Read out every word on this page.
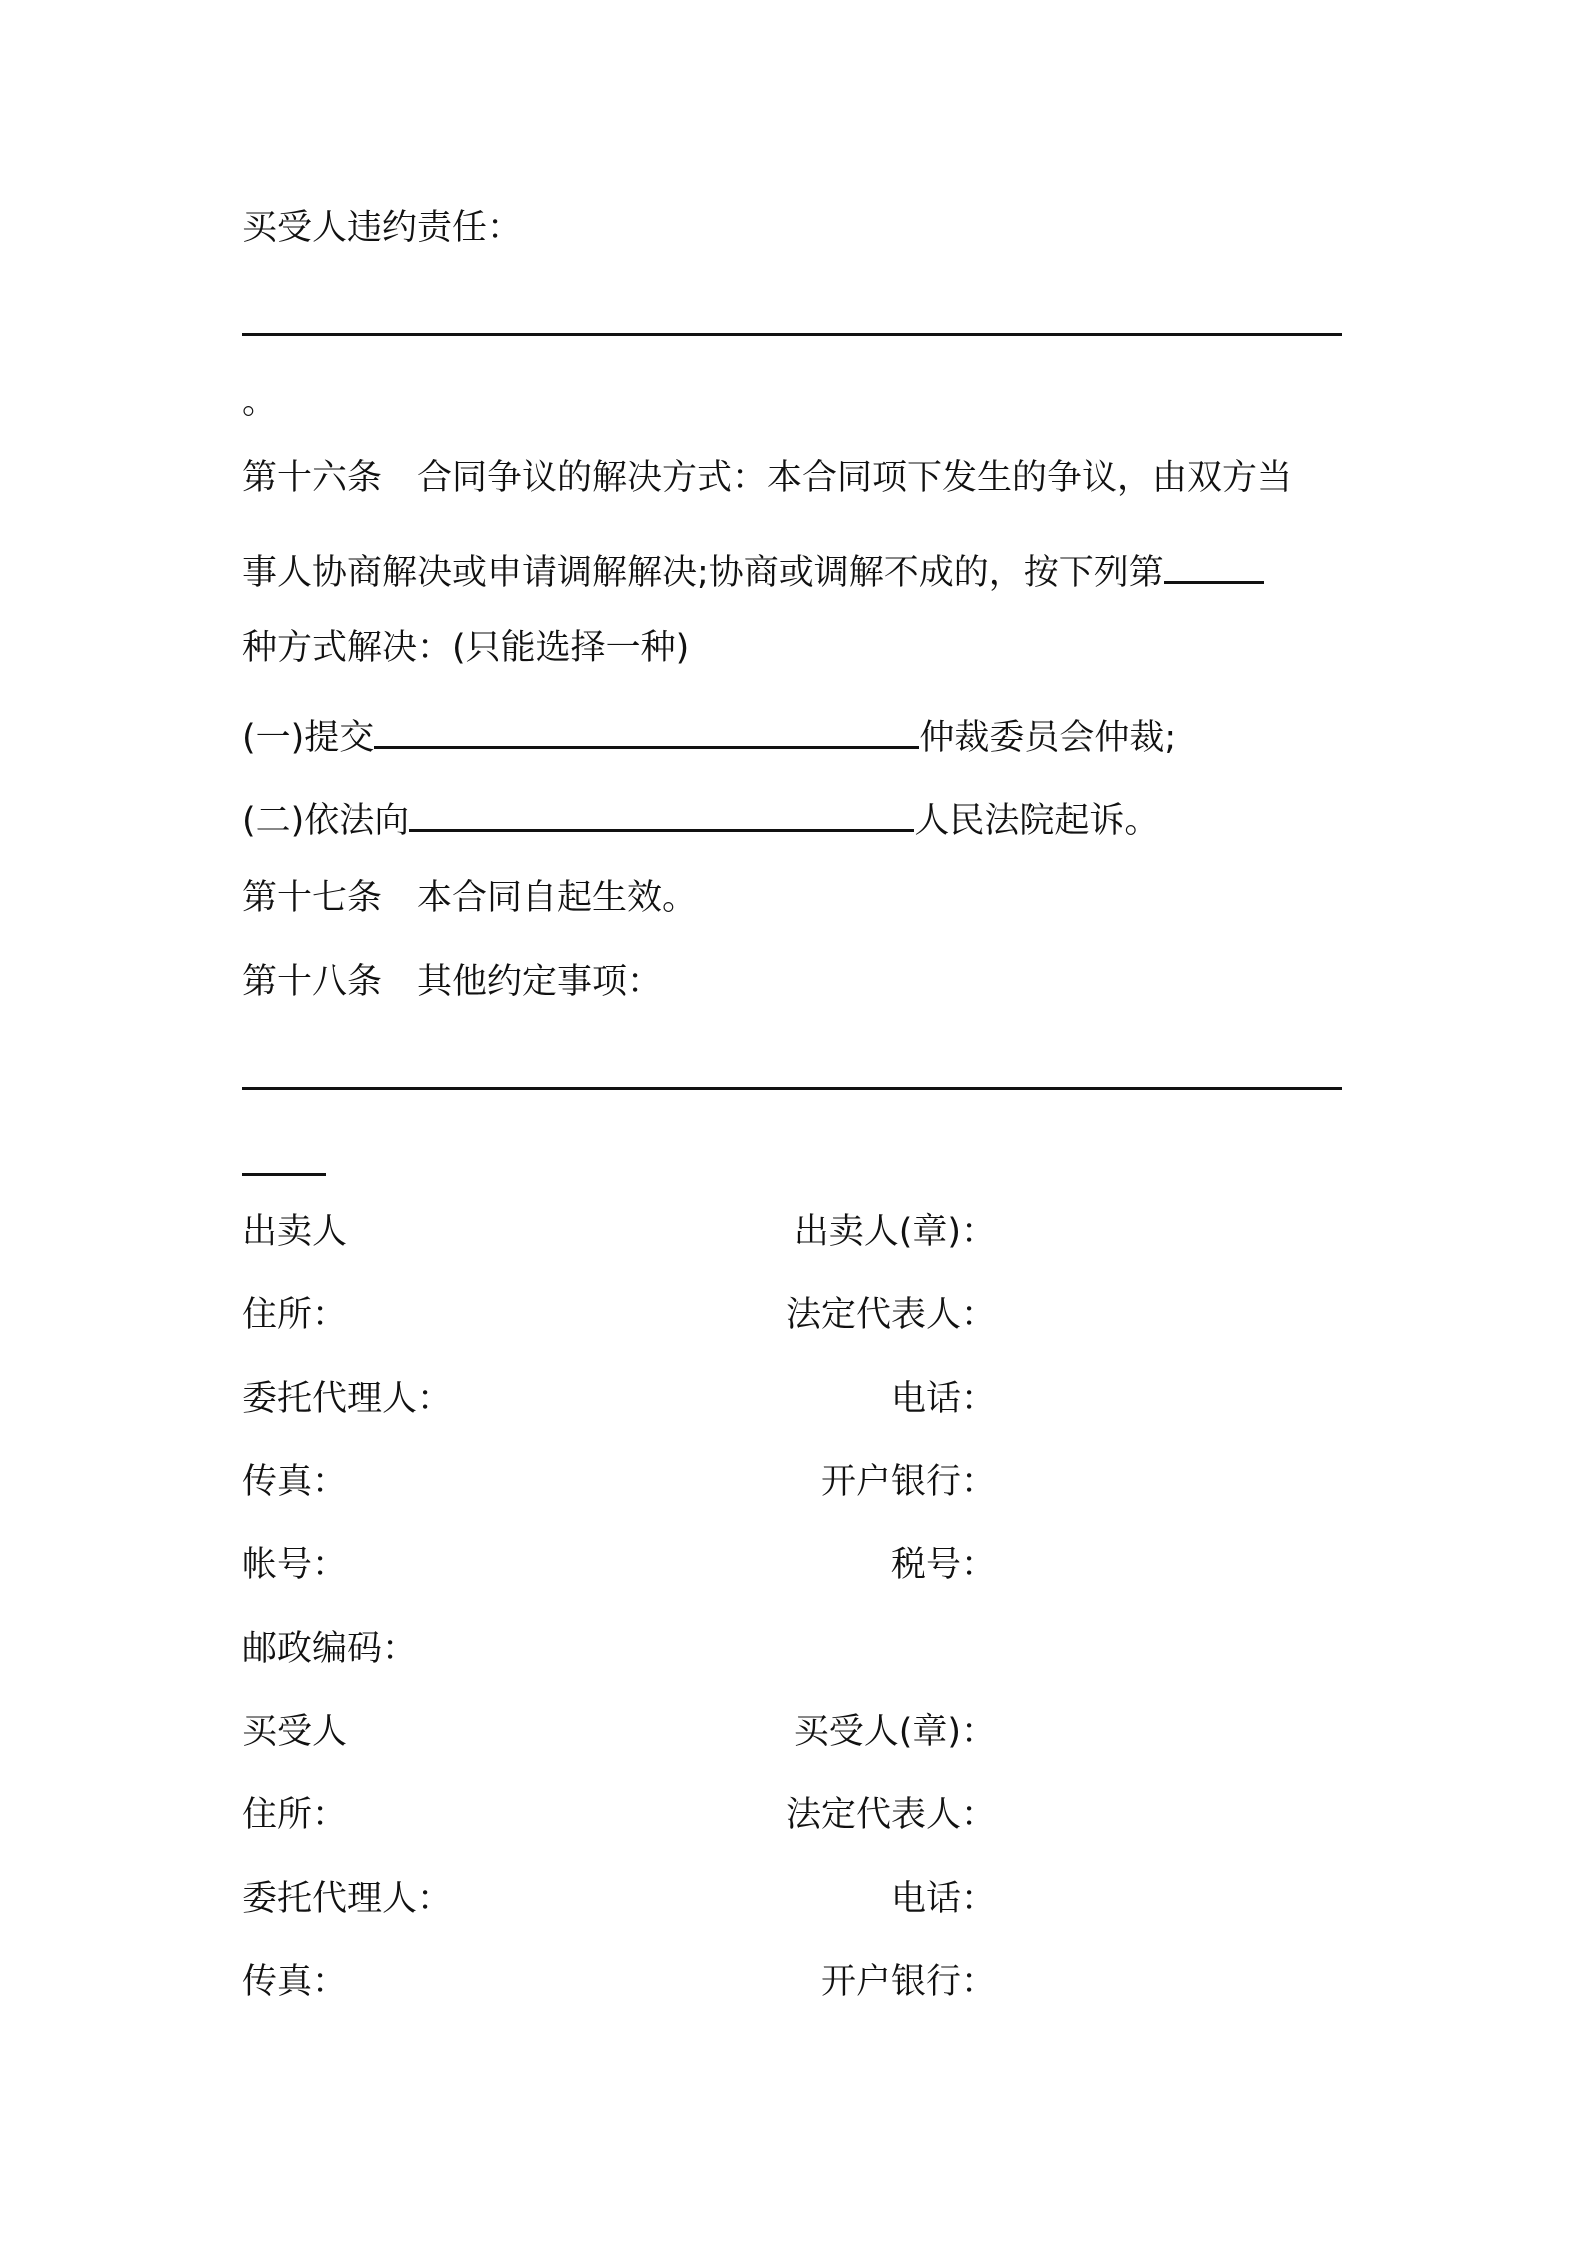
买受人违约责任：
。
第十六条　合同争议的解决方式：本合同项下发生的争议，由双方当
事人协商解决或申请调解解决;协商或调解不成的，按下列第
种方式解决：(只能选择一种)
(一)提交	仲裁委员会仲裁;
(二)依法向	人民法院起诉。
第十七条　本合同自起生效。
第十八条　其他约定事项：
出卖人	出卖人(章)：
住所：	法定代表人：
委托代理人：	电话：
传真：	开户银行：
帐号：	税号：
邮政编码：
买受人	买受人(章)：
住所：	法定代表人：
委托代理人：	电话：
传真：	开户银行：
